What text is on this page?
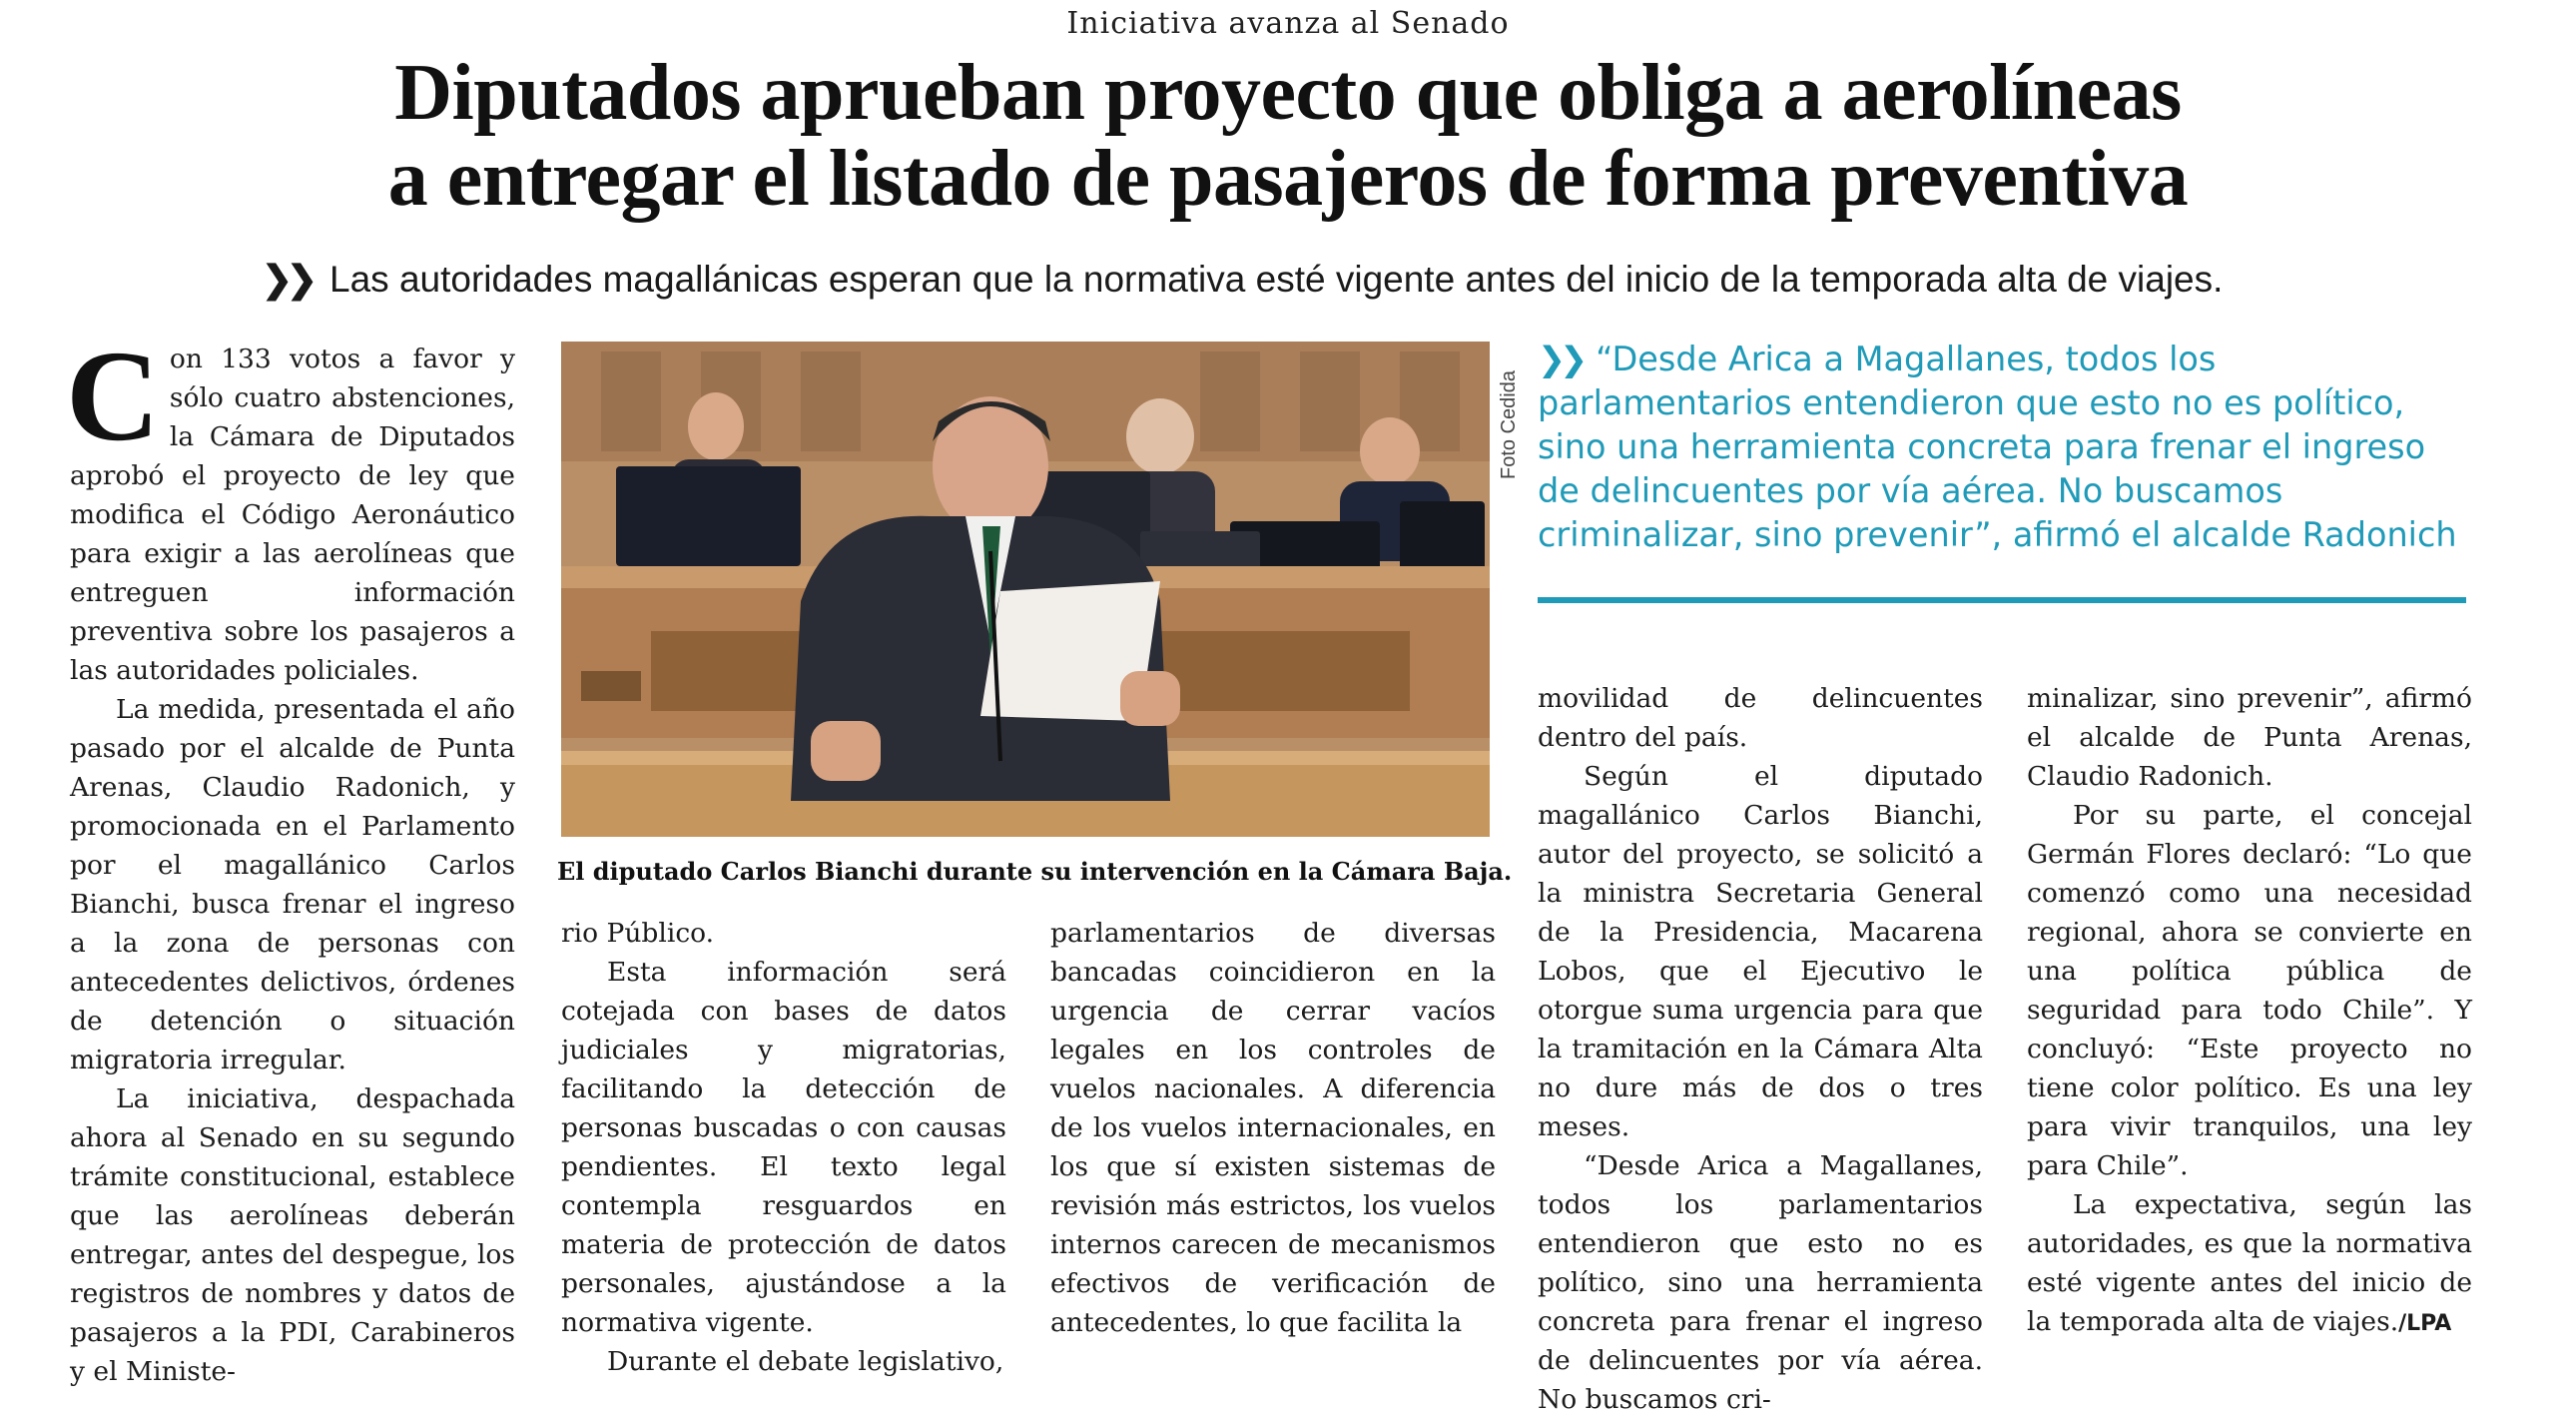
Iniciativa avanza al Senado
Diputados aprueban proyecto que obliga a aerolíneas
a entregar el listado de pasajeros de forma preventiva
❯❯ Las autoridades magallánicas esperan que la normativa esté vigente antes del inicio de la temporada alta de viajes.

Con 133 votos a favor y sólo cuatro abstenciones, la Cámara de Diputados aprobó el proyecto de ley que modifica el Código Aeronáutico para exigir a las aerolíneas que entreguen información preventiva sobre los pasajeros a las autoridades policiales.

La medida, presentada el año pasado por el alcalde de Punta Arenas, Claudio Radonich, y promocionada en el Parlamento por el magallánico Carlos Bianchi, busca frenar el ingreso a la zona de personas con antecedentes delictivos, órdenes de detención o situación migratoria irregular.

La iniciativa, despachada ahora al Senado en su segundo trámite constitucional, establece que las aerolíneas deberán entregar, antes del despegue, los registros de nombres y datos de pasajeros a la PDI, Carabineros y el Ministe-

Foto Cedida
El diputado Carlos Bianchi durante su intervención en la Cámara Baja.
❯❯ “Desde Arica a Magallanes, todos los parlamentarios entendieron que esto no es político, sino una herramienta concreta para frenar el ingreso de delincuentes por vía aérea. No buscamos criminalizar, sino prevenir”, afirmó el alcalde Radonich

rio Público.

Esta información será cotejada con bases de datos judiciales y migratorias, facilitando la detección de personas buscadas o con causas pendientes. El texto legal contempla resguardos en materia de protección de datos personales, ajustándose a la normativa vigente.

Durante el debate legislativo,

parlamentarios de diversas bancadas coincidieron en la urgencia de cerrar vacíos legales en los controles de vuelos nacionales. A diferencia de los vuelos internacionales, en los que sí existen sistemas de revisión más estrictos, los vuelos internos carecen de mecanismos efectivos de verificación de antecedentes, lo que facilita la

movilidad de delincuentes dentro del país.

Según el diputado magallánico Carlos Bianchi, autor del proyecto, se solicitó a la ministra Secretaria General de la Presidencia, Macarena Lobos, que el Ejecutivo le otorgue suma urgencia para que la tramitación en la Cámara Alta no dure más de dos o tres meses.

“Desde Arica a Magallanes, todos los parlamentarios entendieron que esto no es político, sino una herramienta concreta para frenar el ingreso de delincuentes por vía aérea. No buscamos cri-

minalizar, sino prevenir”, afirmó el alcalde de Punta Arenas, Claudio Radonich.

Por su parte, el concejal Germán Flores declaró: “Lo que comenzó como una necesidad regional, ahora se convierte en una política pública de seguridad para todo Chile”. Y concluyó: “Este proyecto no tiene color político. Es una ley para vivir tranquilos, una ley para Chile”.

La expectativa, según las autoridades, es que la normativa esté vigente antes del inicio de la temporada alta de viajes./LPA
